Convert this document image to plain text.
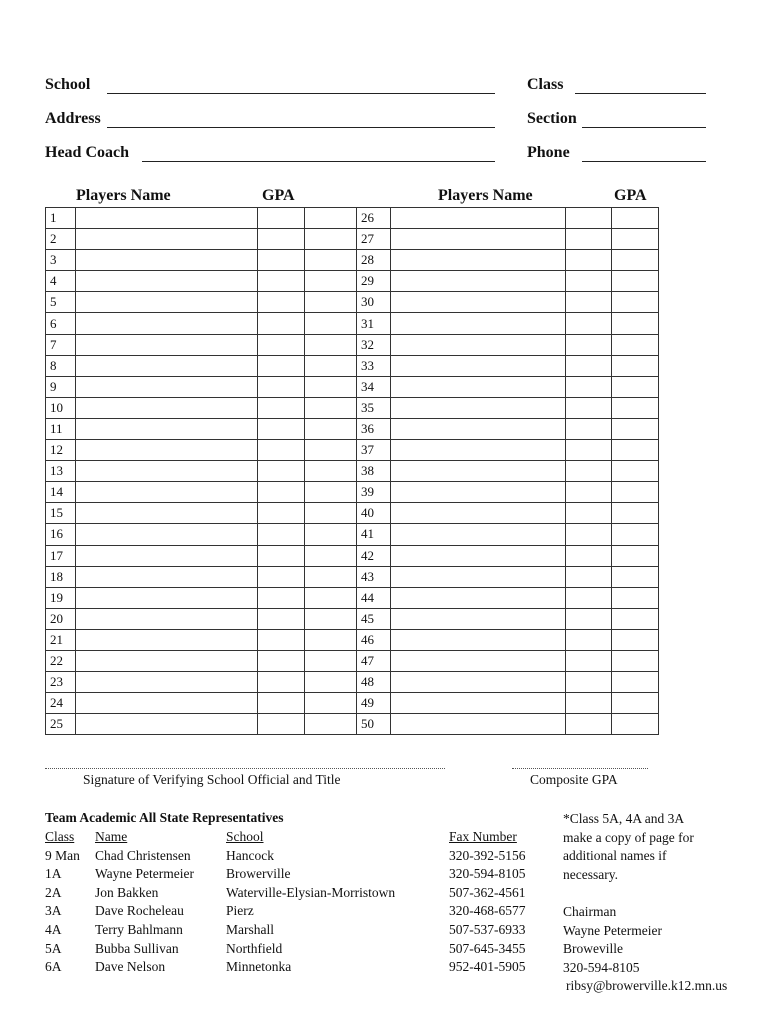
School
Address
Head Coach
Class
Section
Phone
Players Name	GPA	Players Name	GPA
1				26			
2				27			
3				28			
4				29			
5				30			
6				31			
7				32			
8				33			
9				34			
10				35			
11				36			
12				37			
13				38			
14				39			
15				40			
16				41			
17				42			
18				43			
19				44			
20				45			
21				46			
22				47			
23				48			
24				49			
25				50			
Signature of Verifying School Official and Title	Composite GPA
Team Academic All State Representatives
Class	Name	School	Fax Number
9 Man	Chad Christensen	Hancock	320-392-5156
1A	Wayne Petermeier	Browerville	320-594-8105
2A	Jon Bakken	Waterville-Elysian-Morristown	507-362-4561
3A	Dave Rocheleau	Pierz	320-468-6577
4A	Terry Bahlmann	Marshall	507-537-6933
5A	Bubba Sullivan	Northfield	507-645-3455
6A	Dave Nelson	Minnetonka	952-401-5905
*Class 5A, 4A and 3A
make a copy of page for
additional names if
necessary.
Chairman
Wayne Petermeier
Broweville
320-594-8105
ribsy@browerville.k12.mn.us
